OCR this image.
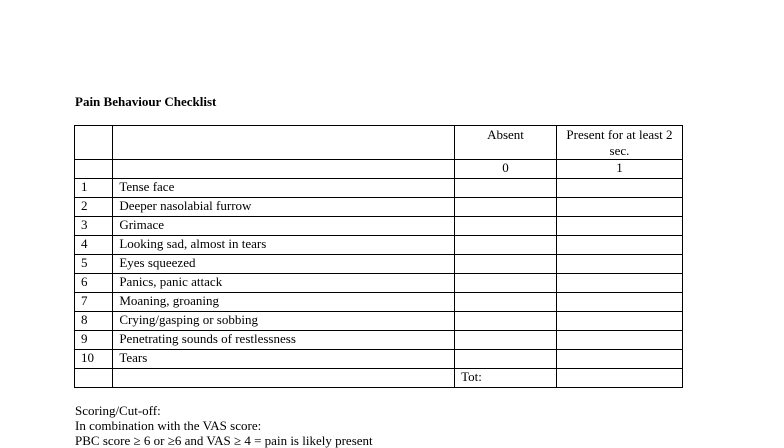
Pain Behaviour Checklist
		Absent	Present for at least 2 sec.
		0	1
1	Tense face		
2	Deeper nasolabial furrow		
3	Grimace		
4	Looking sad, almost in tears		
5	Eyes squeezed		
6	Panics, panic attack		
7	Moaning, groaning		
8	Crying/gasping or sobbing		
9	Penetrating sounds of restlessness		
10	Tears		
		Tot:	
Scoring/Cut-off:
In combination with the VAS score:
PBC score ≥ 6 or ≥6 and VAS ≥ 4 = pain is likely present
